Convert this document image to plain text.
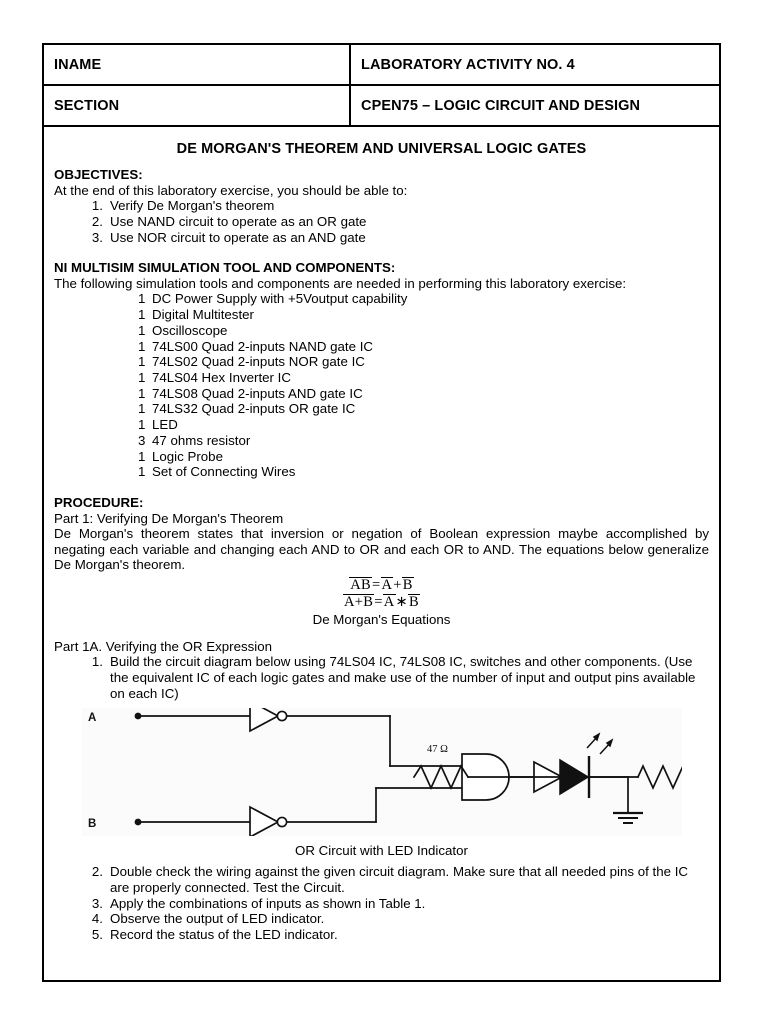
INAME	LABORATORY ACTIVITY NO. 4
SECTION	CPEN75 – LOGIC CIRCUIT AND DESIGN
DE MORGAN'S THEOREM AND UNIVERSAL LOGIC GATES
OBJECTIVES:
At the end of this laboratory exercise, you should be able to:
1. Verify De Morgan's theorem
2. Use NAND circuit to operate as an OR gate
3. Use NOR circuit to operate as an AND gate
NI MULTISIM SIMULATION TOOL AND COMPONENTS:
The following simulation tools and components are needed in performing this laboratory exercise:
1 DC Power Supply with +5Voutput capability
1 Digital Multitester
1 Oscilloscope
1 74LS00 Quad 2-inputs NAND gate IC
1 74LS02 Quad 2-inputs NOR gate IC
1 74LS04 Hex Inverter IC
1 74LS08 Quad 2-inputs AND gate IC
1 74LS32 Quad 2-inputs OR gate IC
1 LED
3 47 ohms resistor
1 Logic Probe
1 Set of Connecting Wires
PROCEDURE:
Part 1: Verifying De Morgan's Theorem
De Morgan's theorem states that inversion or negation of Boolean expression maybe accomplished by negating each variable and changing each AND to OR and each OR to AND. The equations below generalize De Morgan's theorem.
AB=A+B
A+B=A∗B
De Morgan's Equations
Part 1A. Verifying the OR Expression
1. Build the circuit diagram below using 74LS04 IC, 74LS08 IC, switches and other components. (Use the equivalent IC of each logic gates and make use of the number of input and output pins available on each IC)
47 Ω
A
B
OR Circuit with LED Indicator
2. Double check the wiring against the given circuit diagram. Make sure that all needed pins of the IC are properly connected. Test the Circuit.
3. Apply the combinations of inputs as shown in Table 1.
4. Observe the output of LED indicator.
5. Record the status of the LED indicator.
